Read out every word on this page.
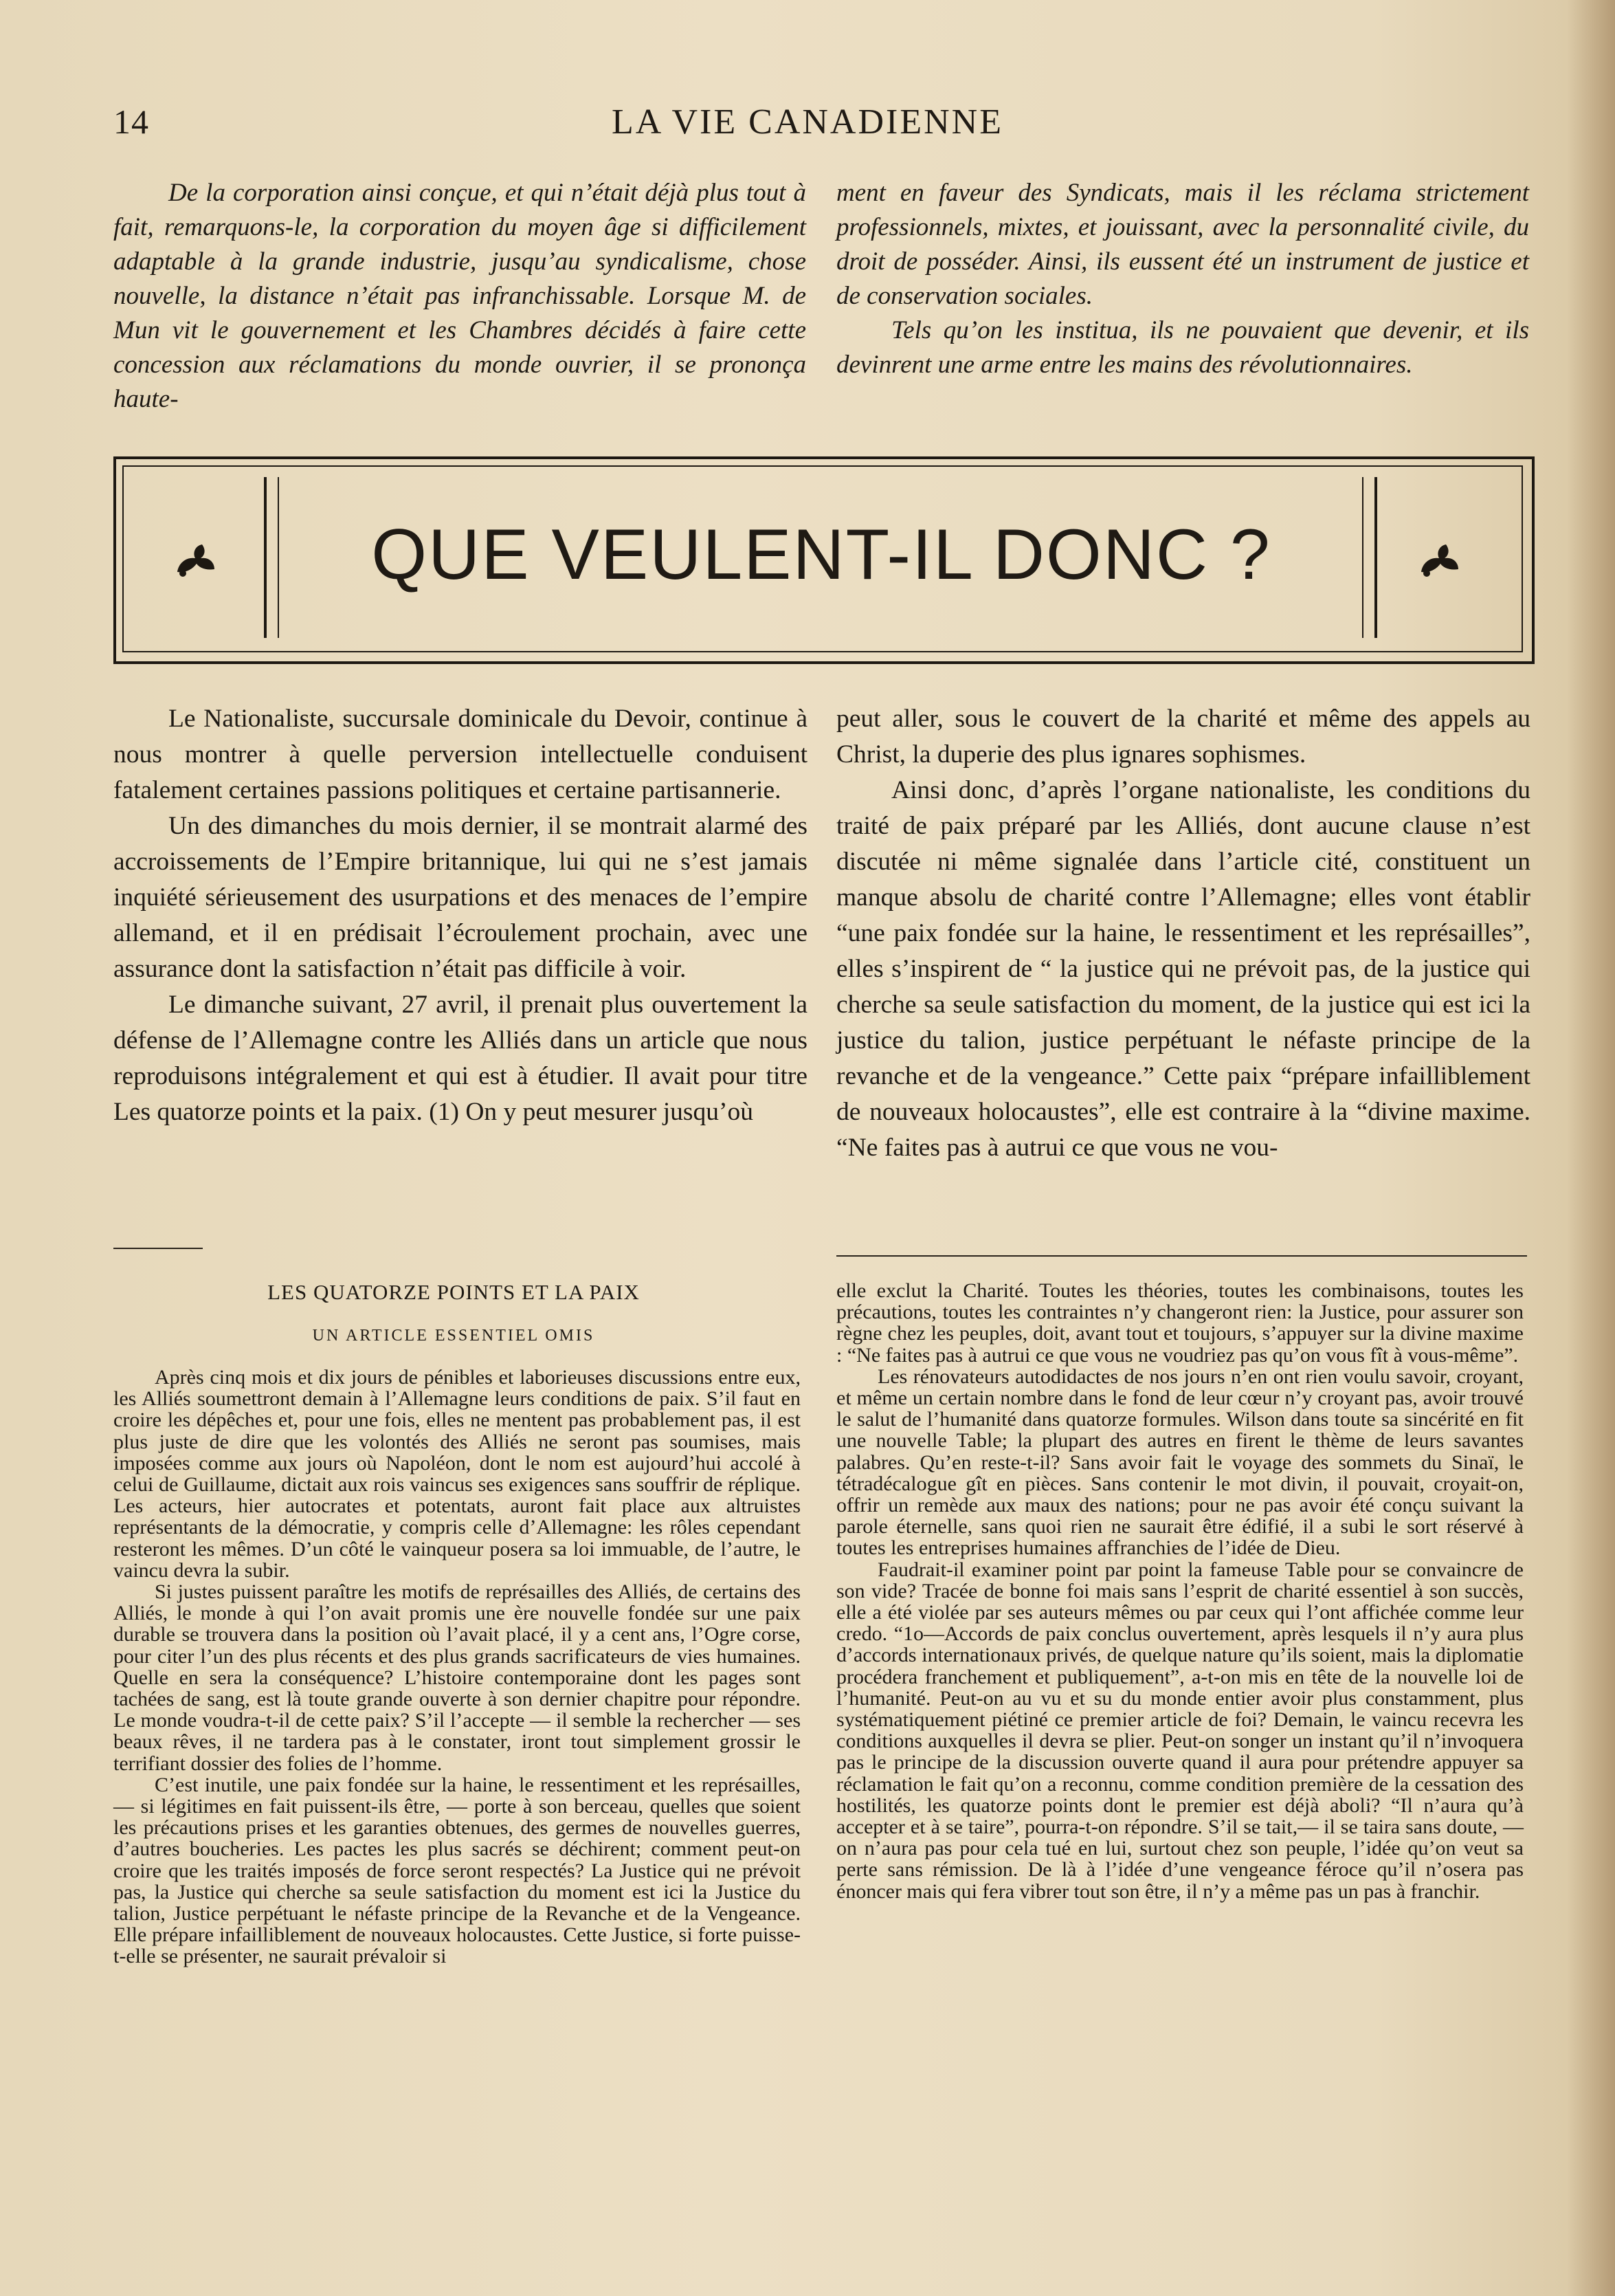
14	LA VIE CANADIENNE

De la corporation ainsi conçue, et qui n’était déjà plus tout à fait, remarquons-le, la corporation du moyen âge si difficilement adaptable à la grande industrie, jusqu’au syndicalisme, chose nouvelle, la distance n’était pas infranchissable. Lorsque M. de Mun vit le gouvernement et les Chambres décidés à faire cette concession aux réclamations du monde ouvrier, il se prononça haute-

ment en faveur des Syndicats, mais il les réclama strictement professionnels, mixtes, et jouissant, avec la personnalité civile, du droit de posséder. Ainsi, ils eussent été un instrument de justice et de conservation sociales.

Tels qu’on les institua, ils ne pouvaient que devenir, et ils devinrent une arme entre les mains des révolutionnaires.

QUE VEULENT-IL DONC ?

Le Nationaliste, succursale dominicale du Devoir, continue à nous montrer à quelle perversion intellectuelle conduisent fatalement certaines passions politiques et certaine partisannerie.

Un des dimanches du mois dernier, il se montrait alarmé des accroissements de l’Empire britannique, lui qui ne s’est jamais inquiété sérieusement des usurpations et des menaces de l’empire allemand, et il en prédisait l’écroulement prochain, avec une assurance dont la satisfaction n’était pas difficile à voir.

Le dimanche suivant, 27 avril, il prenait plus ouvertement la défense de l’Allemagne contre les Alliés dans un article que nous reproduisons intégralement et qui est à étudier. Il avait pour titre Les quatorze points et la paix. (1) On y peut mesurer jusqu’où

peut aller, sous le couvert de la charité et même des appels au Christ, la duperie des plus ignares sophismes.

Ainsi donc, d’après l’organe nationaliste, les conditions du traité de paix préparé par les Alliés, dont aucune clause n’est discutée ni même signalée dans l’article cité, constituent un manque absolu de charité contre l’Allemagne; elles vont établir “une paix fondée sur la haine, le ressentiment et les représailles”, elles s’inspirent de “ la justice qui ne prévoit pas, de la justice qui cherche sa seule satisfaction du moment, de la justice qui est ici la justice du talion, justice perpétuant le néfaste principe de la revanche et de la vengeance.” Cette paix “prépare infailliblement de nouveaux holocaustes”, elle est contraire à la “divine maxime. “Ne faites pas à autrui ce que vous ne vou-

LES QUATORZE POINTS ET LA PAIX
UN ARTICLE ESSENTIEL OMIS

Après cinq mois et dix jours de pénibles et laborieuses discussions entre eux, les Alliés soumettront demain à l’Allemagne leurs conditions de paix. S’il faut en croire les dépêches et, pour une fois, elles ne mentent pas probablement pas, il est plus juste de dire que les volontés des Alliés ne seront pas soumises, mais imposées comme aux jours où Napoléon, dont le nom est aujourd’hui accolé à celui de Guillaume, dictait aux rois vaincus ses exigences sans souffrir de réplique. Les acteurs, hier autocrates et potentats, auront fait place aux altruistes représentants de la démocratie, y compris celle d’Allemagne: les rôles cependant resteront les mêmes. D’un côté le vainqueur posera sa loi immuable, de l’autre, le vaincu devra la subir.

Si justes puissent paraître les motifs de représailles des Alliés, de certains des Alliés, le monde à qui l’on avait promis une ère nouvelle fondée sur une paix durable se trouvera dans la position où l’avait placé, il y a cent ans, l’Ogre corse, pour citer l’un des plus récents et des plus grands sacrificateurs de vies humaines. Quelle en sera la conséquence? L’histoire contemporaine dont les pages sont tachées de sang, est là toute grande ouverte à son dernier chapitre pour répondre. Le monde voudra-t-il de cette paix? S’il l’accepte — il semble la rechercher — ses beaux rêves, il ne tardera pas à le constater, iront tout simplement grossir le terrifiant dossier des folies de l’homme.

C’est inutile, une paix fondée sur la haine, le ressentiment et les représailles, — si légitimes en fait puissent-ils être, — porte à son berceau, quelles que soient les précautions prises et les garanties obtenues, des germes de nouvelles guerres, d’autres boucheries. Les pactes les plus sacrés se déchirent; comment peut-on croire que les traités imposés de force seront respectés? La Justice qui ne prévoit pas, la Justice qui cherche sa seule satisfaction du moment est ici la Justice du talion, Justice perpétuant le néfaste principe de la Revanche et de la Vengeance. Elle prépare infailliblement de nouveaux holocaustes. Cette Justice, si forte puisse-t-elle se présenter, ne saurait prévaloir si

elle exclut la Charité. Toutes les théories, toutes les combinaisons, toutes les précautions, toutes les contraintes n’y changeront rien: la Justice, pour assurer son règne chez les peuples, doit, avant tout et toujours, s’appuyer sur la divine maxime : “Ne faites pas à autrui ce que vous ne voudriez pas qu’on vous fît à vous-même”.

Les rénovateurs autodidactes de nos jours n’en ont rien voulu savoir, croyant, et même un certain nombre dans le fond de leur cœur n’y croyant pas, avoir trouvé le salut de l’humanité dans quatorze formules. Wilson dans toute sa sincérité en fit une nouvelle Table; la plupart des autres en firent le thème de leurs savantes palabres. Qu’en reste-t-il? Sans avoir fait le voyage des sommets du Sinaï, le tétradécalogue gît en pièces. Sans contenir le mot divin, il pouvait, croyait-on, offrir un remède aux maux des nations; pour ne pas avoir été conçu suivant la parole éternelle, sans quoi rien ne saurait être édifié, il a subi le sort réservé à toutes les entreprises humaines affranchies de l’idée de Dieu.

Faudrait-il examiner point par point la fameuse Table pour se convaincre de son vide? Tracée de bonne foi mais sans l’esprit de charité essentiel à son succès, elle a été violée par ses auteurs mêmes ou par ceux qui l’ont affichée comme leur credo. “1o—Accords de paix conclus ouvertement, après lesquels il n’y aura plus d’accords internationaux privés, de quelque nature qu’ils soient, mais la diplomatie procédera franchement et publiquement”, a-t-on mis en tête de la nouvelle loi de l’humanité. Peut-on au vu et su du monde entier avoir plus constamment, plus systématiquement piétiné ce premier article de foi? Demain, le vaincu recevra les conditions auxquelles il devra se plier. Peut-on songer un instant qu’il n’invoquera pas le principe de la discussion ouverte quand il aura pour prétendre appuyer sa réclamation le fait qu’on a reconnu, comme condition première de la cessation des hostilités, les quatorze points dont le premier est déjà aboli? “Il n’aura qu’à accepter et à se taire”, pourra-t-on répondre. S’il se tait,— il se taira sans doute, — on n’aura pas pour cela tué en lui, surtout chez son peuple, l’idée qu’on veut sa perte sans rémission. De là à l’idée d’une vengeance féroce qu’il n’osera pas énoncer mais qui fera vibrer tout son être, il n’y a même pas un pas à franchir.
